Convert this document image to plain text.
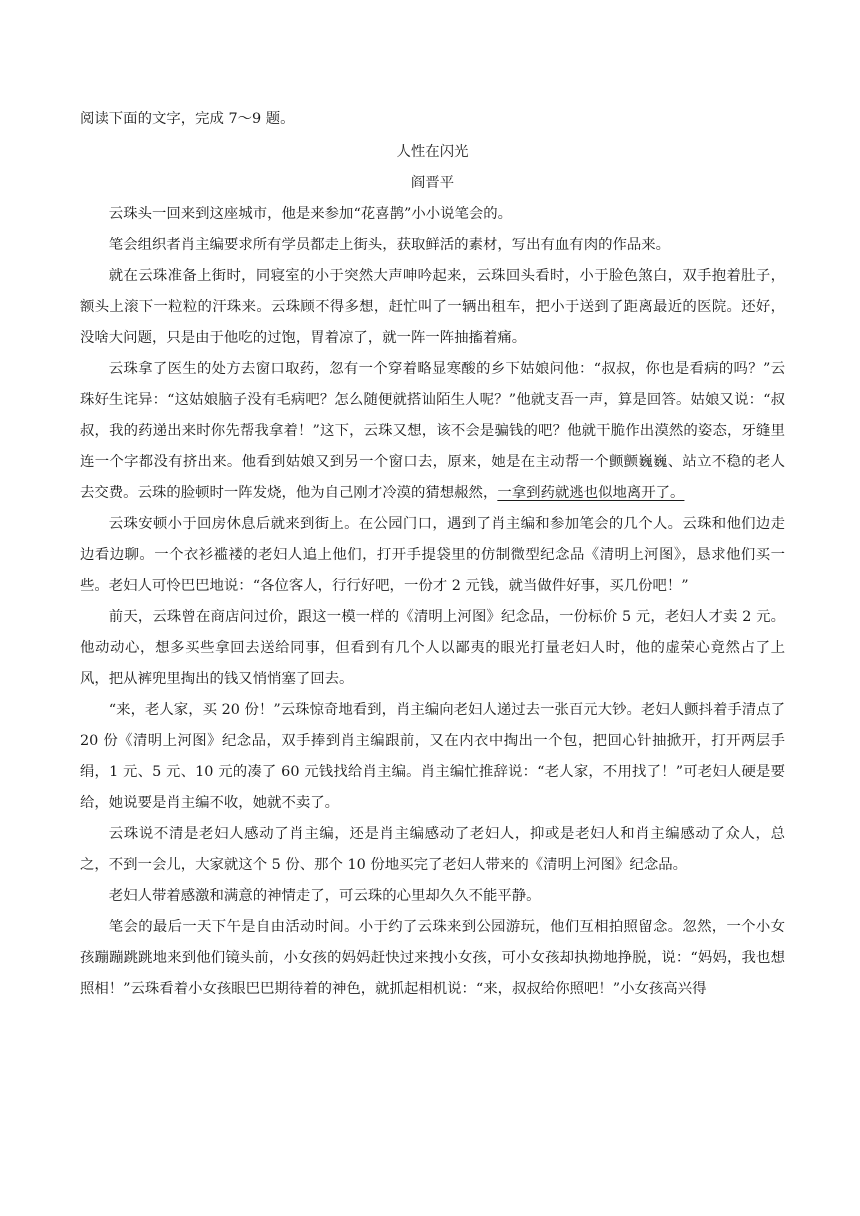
阅读下面的文字，完成 7～9 题。

人性在闪光

阎晋平

云珠头一回来到这座城市，他是来参加“花喜鹊”小小说笔会的。

笔会组织者肖主编要求所有学员都走上街头，获取鲜活的素材，写出有血有肉的作品来。

就在云珠准备上街时，同寝室的小于突然大声呻吟起来，云珠回头看时，小于脸色煞白，双手抱着肚子，额头上滚下一粒粒的汗珠来。云珠顾不得多想，赶忙叫了一辆出租车，把小于送到了距离最近的医院。还好，没啥大问题，只是由于他吃的过饱，胃着凉了，就一阵一阵抽搐着痛。

云珠拿了医生的处方去窗口取药，忽有一个穿着略显寒酸的乡下姑娘问他：“叔叔，你也是看病的吗？”云珠好生诧异：“这姑娘脑子没有毛病吧？怎么随便就搭讪陌生人呢？”他就支吾一声，算是回答。姑娘又说：“叔叔，我的药递出来时你先帮我拿着！”这下，云珠又想，该不会是骗钱的吧？他就干脆作出漠然的姿态，牙缝里连一个字都没有挤出来。他看到姑娘又到另一个窗口去，原来，她是在主动帮一个颤颤巍巍、站立不稳的老人去交费。云珠的脸顿时一阵发烧，他为自己刚才冷漠的猜想赧然，一拿到药就逃也似地离开了。

云珠安顿小于回房休息后就来到街上。在公园门口，遇到了肖主编和参加笔会的几个人。云珠和他们边走边看边聊。一个衣衫褴褛的老妇人追上他们，打开手提袋里的仿制微型纪念品《清明上河图》，恳求他们买一些。老妇人可怜巴巴地说：“各位客人，行行好吧，一份才 2 元钱，就当做件好事，买几份吧！”

前天，云珠曾在商店问过价，跟这一模一样的《清明上河图》纪念品，一份标价 5 元，老妇人才卖 2 元。他动动心，想多买些拿回去送给同事，但看到有几个人以鄙夷的眼光打量老妇人时，他的虚荣心竟然占了上风，把从裤兜里掏出的钱又悄悄塞了回去。

“来，老人家，买 20 份！”云珠惊奇地看到，肖主编向老妇人递过去一张百元大钞。老妇人颤抖着手清点了 20 份《清明上河图》纪念品，双手捧到肖主编跟前，又在内衣中掏出一个包，把回心针抽掀开，打开两层手绢，1 元、5 元、10 元的凑了 60 元钱找给肖主编。肖主编忙推辞说：“老人家，不用找了！”可老妇人硬是要给，她说要是肖主编不收，她就不卖了。

云珠说不清是老妇人感动了肖主编，还是肖主编感动了老妇人，抑或是老妇人和肖主编感动了众人，总之，不到一会儿，大家就这个 5 份、那个 10 份地买完了老妇人带来的《清明上河图》纪念品。

老妇人带着感激和满意的神情走了，可云珠的心里却久久不能平静。

笔会的最后一天下午是自由活动时间。小于约了云珠来到公园游玩，他们互相拍照留念。忽然，一个小女孩蹦蹦跳跳地来到他们镜头前，小女孩的妈妈赶快过来拽小女孩，可小女孩却执拗地挣脱，说：“妈妈，我也想照相！”云珠看着小女孩眼巴巴期待着的神色，就抓起相机说：“来，叔叔给你照吧！”小女孩高兴得
